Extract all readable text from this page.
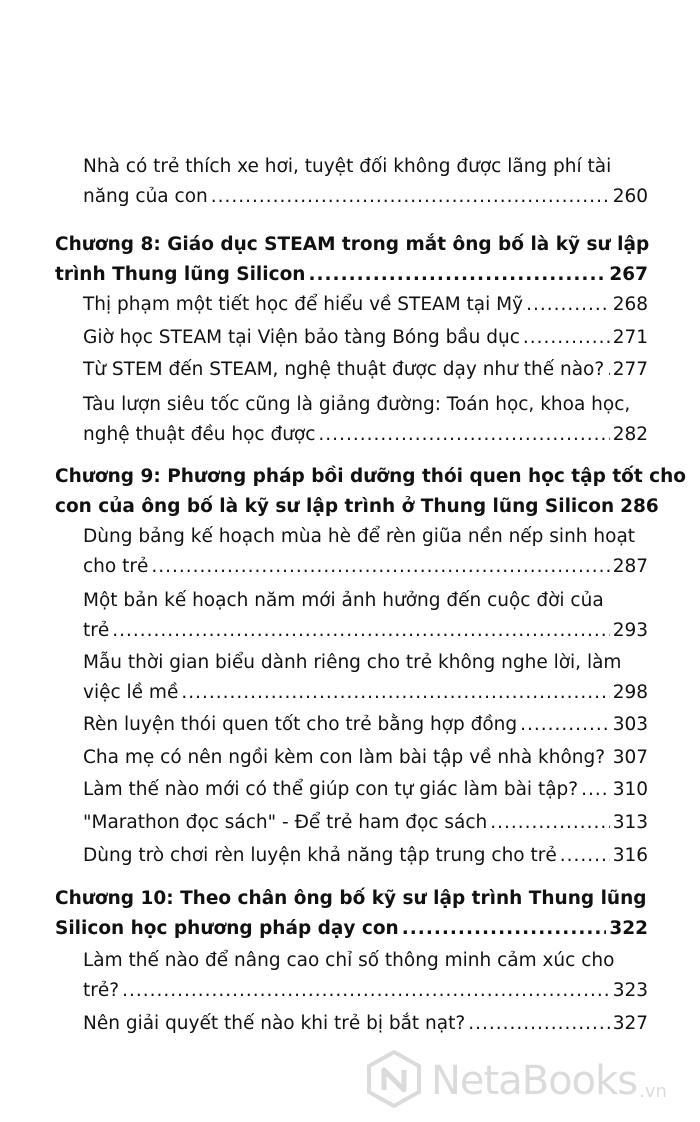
Nhà có trẻ thích xe hơi, tuyệt đối không được lãng phí tài
năng của con .....	260
Chương 8: Giáo dục STEAM trong mắt ông bố là kỹ sư lập
trình Thung lũng Silicon .....	267
Thị phạm một tiết học để hiểu về STEAM tại Mỹ .....	268
Giờ học STEAM tại Viện bảo tàng Bóng bầu dục .....	271
Từ STEM đến STEAM, nghệ thuật được dạy như thế nào? ..... 277
Tàu lượn siêu tốc cũng là giảng đường: Toán học, khoa học,
nghệ thuật đều học được .....	282
Chương 9: Phương pháp bồi dưỡng thói quen học tập tốt cho
con của ông bố là kỹ sư lập trình ở Thung lũng Silicon 286
Dùng bảng kế hoạch mùa hè để rèn giũa nền nếp sinh hoạt
cho trẻ .....	287
Một bản kế hoạch năm mới ảnh hưởng đến cuộc đời của
trẻ .....	293
Mẫu thời gian biểu dành riêng cho trẻ không nghe lời, làm
việc lề mề .....	298
Rèn luyện thói quen tốt cho trẻ bằng hợp đồng .....	303
Cha mẹ có nên ngồi kèm con làm bài tập về nhà không? ..... 307
Làm thế nào mới có thể giúp con tự giác làm bài tập? ..... 310
"Marathon đọc sách" - Để trẻ ham đọc sách .....	313
Dùng trò chơi rèn luyện khả năng tập trung cho trẻ .....	316
Chương 10: Theo chân ông bố kỹ sư lập trình Thung lũng
Silicon học phương pháp dạy con .....	322
Làm thế nào để nâng cao chỉ số thông minh cảm xúc cho
trẻ? .....	323
Nên giải quyết thế nào khi trẻ bị bắt nạt? .....	327
NetaBooks .vn
